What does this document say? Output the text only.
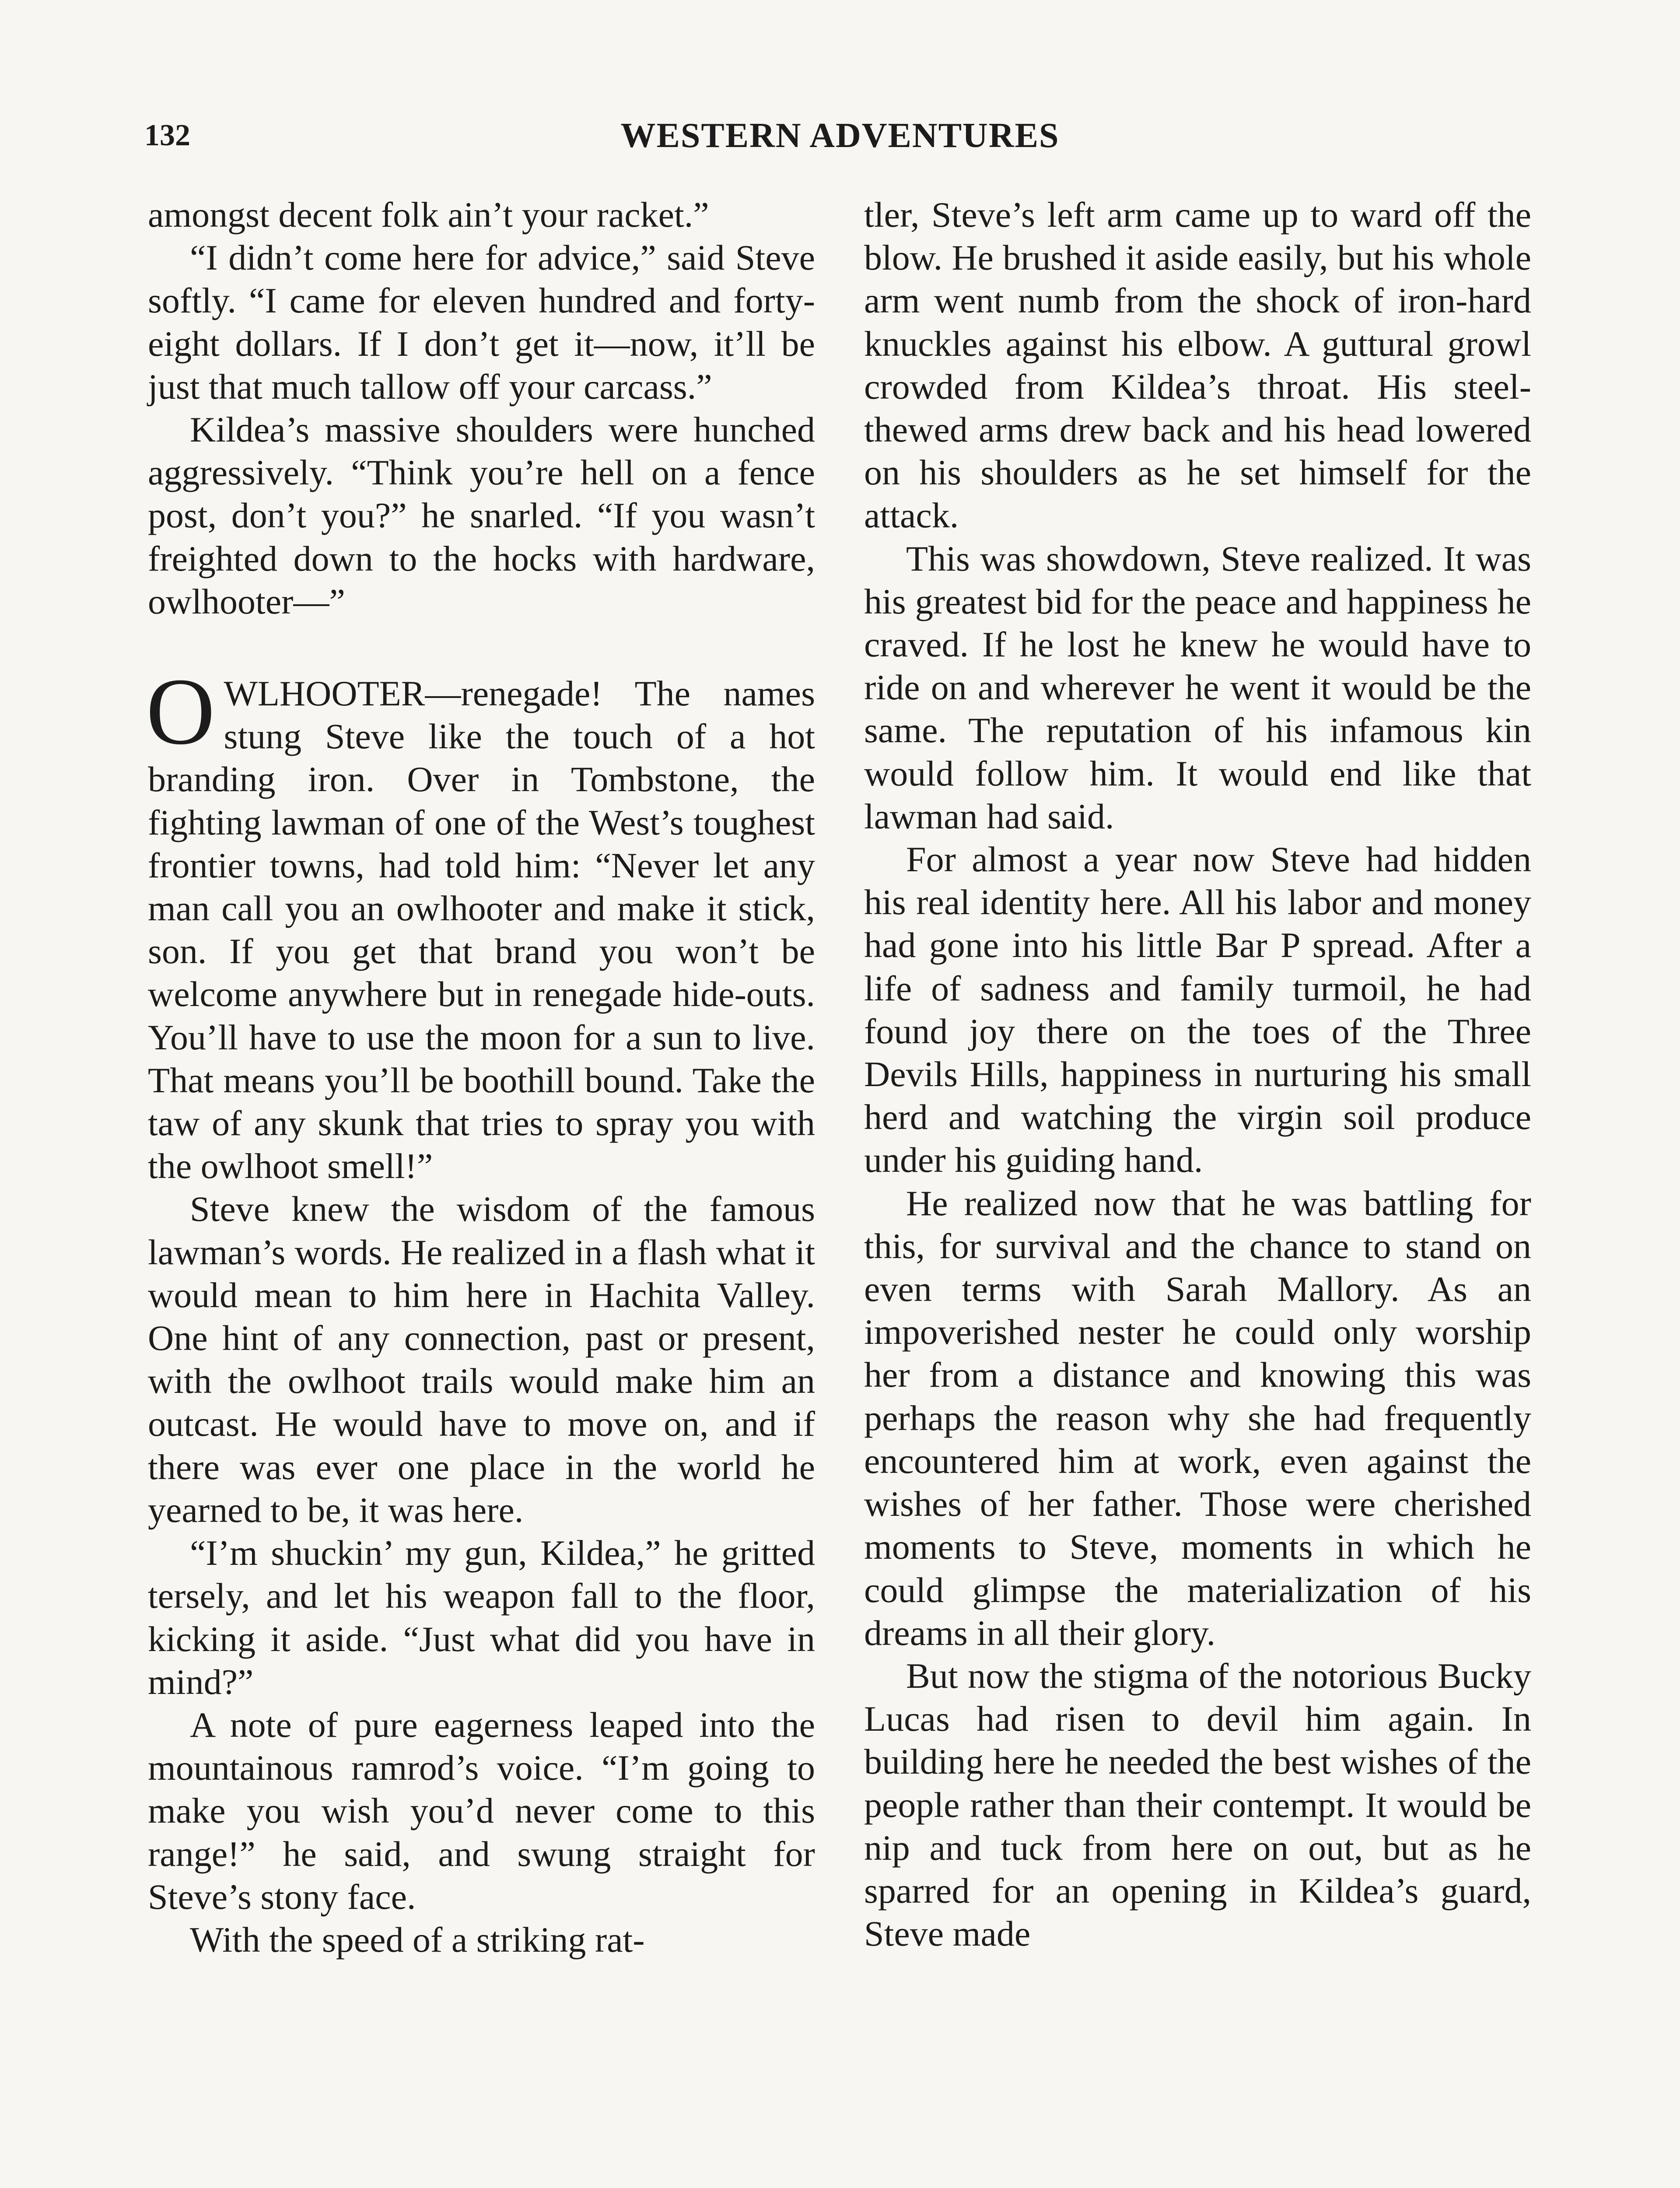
132	WESTERN ADVENTURES

amongst decent folk ain’t your racket.”

“I didn’t come here for advice,” said Steve softly. “I came for eleven hundred and forty-eight dollars. If I don’t get it—now, it’ll be just that much tallow off your carcass.”

Kildea’s massive shoulders were hunched aggressively. “Think you’re hell on a fence post, don’t you?” he snarled. “If you wasn’t freighted down to the hocks with hardware, owlhooter—”

OWLHOOTER—renegade! The names stung Steve like the touch of a hot branding iron. Over in Tombstone, the fighting lawman of one of the West’s toughest frontier towns, had told him: “Never let any man call you an owlhooter and make it stick, son. If you get that brand you won’t be welcome anywhere but in renegade hide-outs. You’ll have to use the moon for a sun to live. That means you’ll be boothill bound. Take the taw of any skunk that tries to spray you with the owlhoot smell!”

Steve knew the wisdom of the famous lawman’s words. He realized in a flash what it would mean to him here in Hachita Valley. One hint of any connection, past or present, with the owlhoot trails would make him an outcast. He would have to move on, and if there was ever one place in the world he yearned to be, it was here.

“I’m shuckin’ my gun, Kildea,” he gritted tersely, and let his weapon fall to the floor, kicking it aside. “Just what did you have in mind?”

A note of pure eagerness leaped into the mountainous ramrod’s voice. “I’m going to make you wish you’d never come to this range!” he said, and swung straight for Steve’s stony face.

With the speed of a striking rat-

tler, Steve’s left arm came up to ward off the blow. He brushed it aside easily, but his whole arm went numb from the shock of iron-hard knuckles against his elbow. A guttural growl crowded from Kildea’s throat. His steel-thewed arms drew back and his head lowered on his shoulders as he set himself for the attack.

This was showdown, Steve realized. It was his greatest bid for the peace and happiness he craved. If he lost he knew he would have to ride on and wherever he went it would be the same. The reputation of his infamous kin would follow him. It would end like that lawman had said.

For almost a year now Steve had hidden his real identity here. All his labor and money had gone into his little Bar P spread. After a life of sadness and family turmoil, he had found joy there on the toes of the Three Devils Hills, happiness in nurturing his small herd and watching the virgin soil produce under his guiding hand.

He realized now that he was battling for this, for survival and the chance to stand on even terms with Sarah Mallory. As an impoverished nester he could only worship her from a distance and knowing this was perhaps the reason why she had frequently encountered him at work, even against the wishes of her father. Those were cherished moments to Steve, moments in which he could glimpse the materialization of his dreams in all their glory.

But now the stigma of the notorious Bucky Lucas had risen to devil him again. In building here he needed the best wishes of the people rather than their contempt. It would be nip and tuck from here on out, but as he sparred for an opening in Kildea’s guard, Steve made
